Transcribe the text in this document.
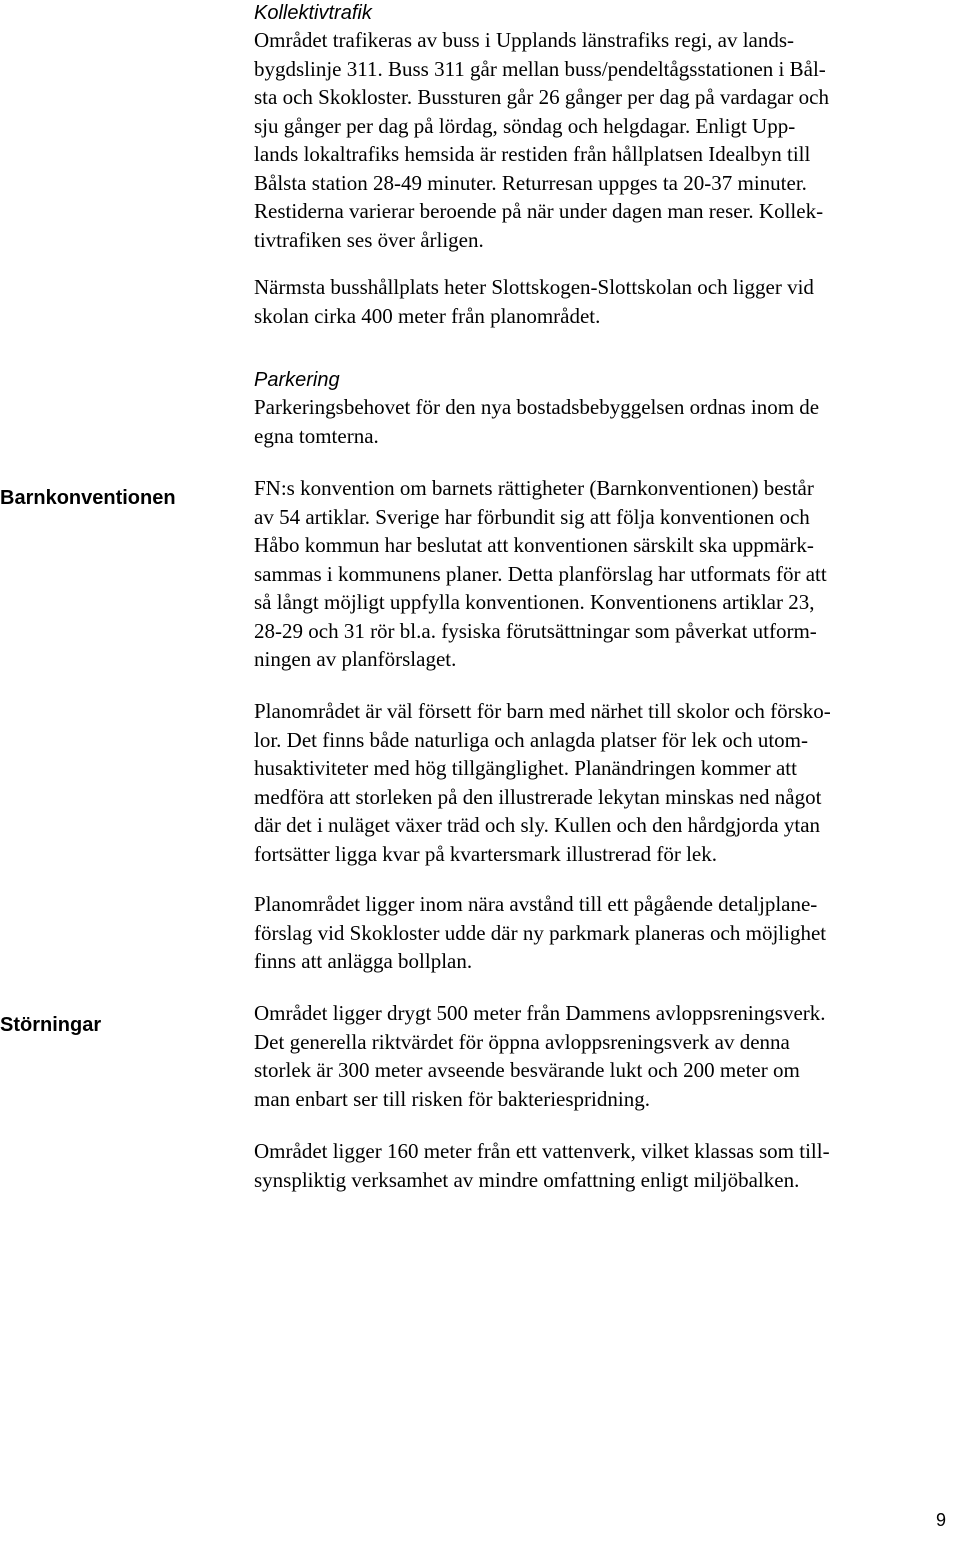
Kollektivtrafik
Området trafikeras av buss i Upplands länstrafiks regi, av lands-
bygdslinje 311. Buss 311 går mellan buss/pendeltågsstationen i Bål-
sta och Skokloster. Bussturen går 26 gånger per dag på vardagar och
sju gånger per dag på lördag, söndag och helgdagar. Enligt Upp-
lands lokaltrafiks hemsida är restiden från hållplatsen Idealbyn till
Bålsta station 28-49 minuter. Returresan uppges ta 20-37 minuter.
Restiderna varierar beroende på när under dagen man reser. Kollek-
tivtrafiken ses över årligen.
Närmsta busshållplats heter Slottskogen-Slottskolan och ligger vid
skolan cirka 400 meter från planområdet.
Parkering
Parkeringsbehovet för den nya bostadsbebyggelsen ordnas inom de
egna tomterna.
Barnkonventionen	FN:s konvention om barnets rättigheter (Barnkonventionen) består
av 54 artiklar. Sverige har förbundit sig att följa konventionen och
Håbo kommun har beslutat att konventionen särskilt ska uppmärk-
sammas i kommunens planer. Detta planförslag har utformats för att
så långt möjligt uppfylla konventionen. Konventionens artiklar 23,
28-29 och 31 rör bl.a. fysiska förutsättningar som påverkat utform-
ningen av planförslaget.
Planområdet är väl försett för barn med närhet till skolor och försko-
lor. Det finns både naturliga och anlagda platser för lek och utom-
husaktiviteter med hög tillgänglighet. Planändringen kommer att
medföra att storleken på den illustrerade lekytan minskas ned något
där det i nuläget växer träd och sly. Kullen och den hårdgjorda ytan
fortsätter ligga kvar på kvartersmark illustrerad för lek.
Planområdet ligger inom nära avstånd till ett pågående detaljplane-
förslag vid Skokloster udde där ny parkmark planeras och möjlighet
finns att anlägga bollplan.
Störningar	Området ligger drygt 500 meter från Dammens avloppsreningsverk.
Det generella riktvärdet för öppna avloppsreningsverk av denna
storlek är 300 meter avseende besvärande lukt och 200 meter om
man enbart ser till risken för bakteriespridning.
Området ligger 160 meter från ett vattenverk, vilket klassas som till-
synspliktig verksamhet av mindre omfattning enligt miljöbalken.
9
